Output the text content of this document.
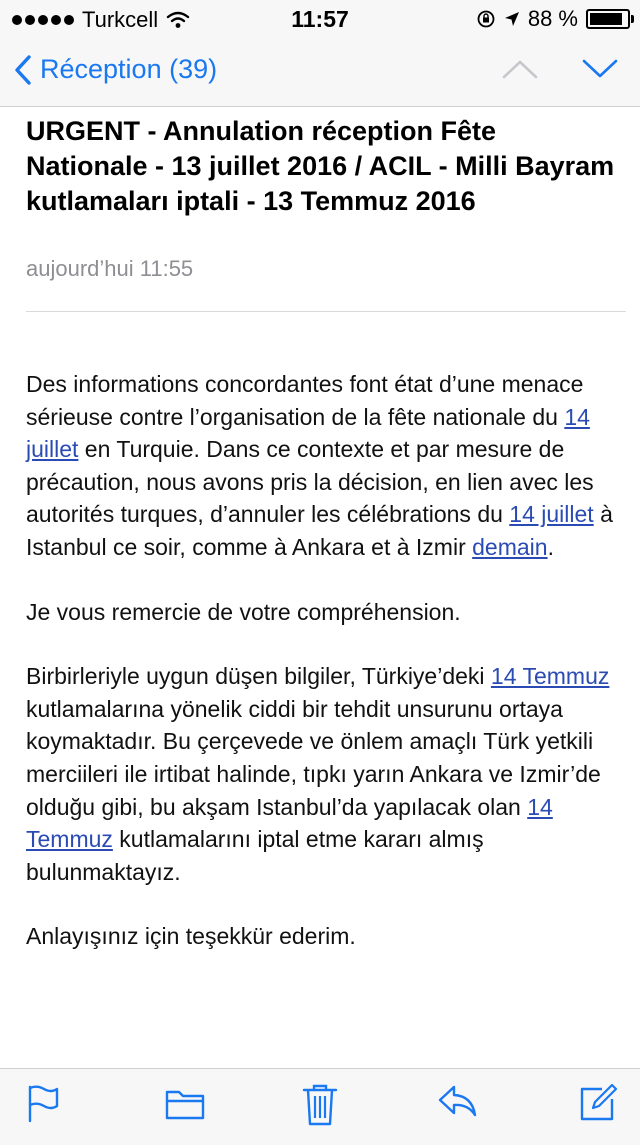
Turkcell	11:57	88 %
Réception (39)
URGENT - Annulation réception Fête Nationale - 13 juillet 2016 / ACIL - Milli Bayram kutlamaları iptali - 13 Temmuz 2016
aujourd’hui 11:55

Des informations concordantes font état d’une menace sérieuse contre l’organisation de la fête nationale du 14 juillet en Turquie. Dans ce contexte et par mesure de précaution, nous avons pris la décision, en lien avec les autorités turques, d’annuler les célébrations du 14 juillet à Istanbul ce soir, comme à Ankara et à Izmir demain.

Je vous remercie de votre compréhension.

Birbirleriyle uygun düşen bilgiler, Türkiye’deki 14 Temmuz kutlamalarına yönelik ciddi bir tehdit unsurunu ortaya koymaktadır. Bu çerçevede ve önlem amaçlı Türk yetkili merciileri ile irtibat halinde, tıpkı yarın Ankara ve Izmir’de olduğu gibi, bu akşam Istanbul’da yapılacak olan 14 Temmuz kutlamalarını iptal etme kararı almış bulunmaktayız.

Anlayışınız için teşekkür ederim.
